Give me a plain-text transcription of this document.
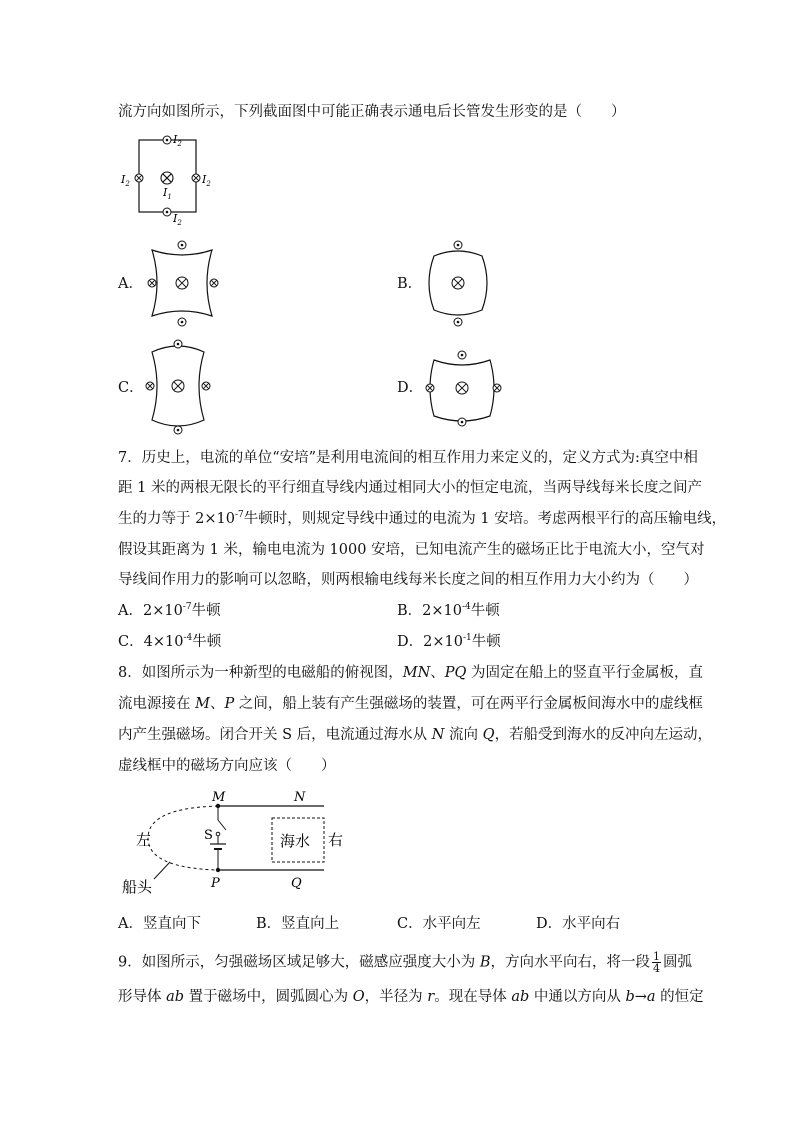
流方向如图所示，下列截面图中可能正确表示通电后长管发生形变的是（　　）
$I_2$
$I_2$
$I_2$	$I_2$
$I_1$
A．	B．
C．	D．
7．历史上，电流的单位“安培”是利用电流间的相互作用力来定义的，定义方式为:真空中相
距 1 米的两根无限长的平行细直导线内通过相同大小的恒定电流，当两导线每米长度之间产
生的力等于 $2\times 10^{-7}$牛顿时，则规定导线中通过的电流为 1 安培。考虑两根平行的高压输电线，
假设其距离为 1 米，输电电流为 1000 安培，已知电流产生的磁场正比于电流大小，空气对
导线间作用力的影响可以忽略，则两根输电线每米长度之间的相互作用力大小约为（　　）
A．$2\times 10^{-7}$牛顿	B．$2\times 10^{-4}$牛顿
C．$4\times 10^{-4}$牛顿	D．$2\times 10^{-1}$牛顿
8．如图所示为一种新型的电磁船的俯视图，MN、PQ 为固定在船上的竖直平行金属板，直
流电源接在 M、P 之间，船上装有产生强磁场的装置，可在两平行金属板间海水中的虚线框
内产生强磁场。闭合开关 S 后，电流通过海水从 N 流向 Q，若船受到海水的反冲向左运动，
虚线框中的磁场方向应该（　　）
M	N
P	Q
S
左	右
海水
船头
A．竖直向下	B．竖直向上	C．水平向左	D．水平向右
9．如图所示，匀强磁场区域足够大，磁感应强度大小为 B，方向水平向右，将一段 $\frac{1}{4}$ 圆弧
形导体 ab 置于磁场中，圆弧圆心为 O，半径为 r。现在导体 ab 中通以方向从 b→a 的恒定
